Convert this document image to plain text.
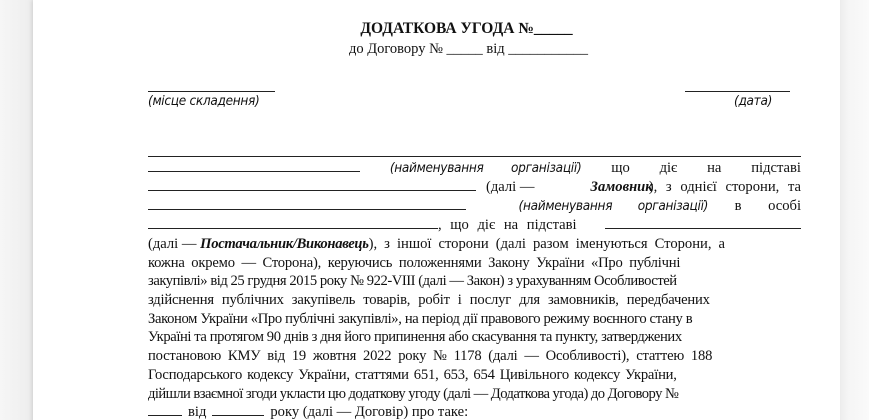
ДОДАТКОВА УГОДА №_____
до Договору № _____ від ___________
(місце складення)	(дата)
(найменування організації) що діє на підставі
(далі —	Замовник
), з однієї сторони, та
(найменування організації) в особі
, що діє на підставі
(далі —
Постачальник/Виконавець ), з іншої сторони (далі разом іменуються Сторони, а
кожна окремо — Сторона), керуючись положеннями Закону України «Про публічні
закупівлі» від 25 грудня 2015 року № 922-VIII (далі — Закон) з урахуванням Особливостей
здійснення публічних закупівель товарів, робіт і послуг для замовників, передбачених
Законом України «Про публічні закупівлі», на період дії правового режиму воєнного стану в
Україні та протягом 90 днів з дня його припинення або скасування та пункту, затверджених
постановою КМУ від 19 жовтня 2022 року № 1178 (далі — Особливості), статтею 188
Господарського кодексу України, статтями 651, 653, 654 Цивільного кодексу України,
дійшли взаємної згоди укласти цю додаткову угоду (далі — Додаткова угода) до Договору №
від	року (далі — Договір) про таке:
